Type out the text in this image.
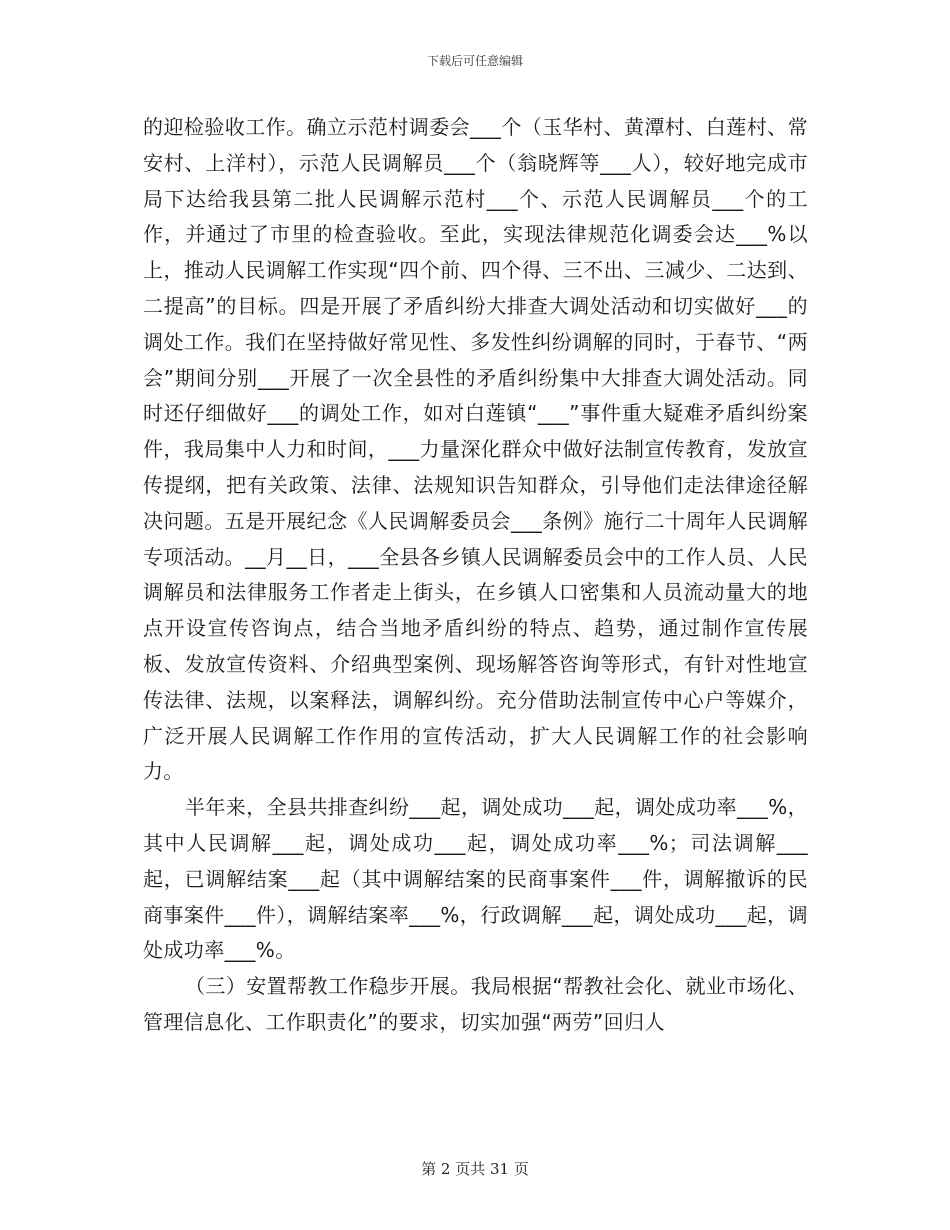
下载后可任意编辑

的迎检验收工作。确立示范村调委会___个（玉华村、黄潭村、白莲村、常安村、上洋村），示范人民调解员___个（翁晓辉等___人），较好地完成市局下达给我县第二批人民调解示范村___个、示范人民调解员___个的工作，并通过了市里的检查验收。至此，实现法律规范化调委会达___%以上，推动人民调解工作实现“四个前、四个得、三不出、三减少、二达到、二提高”的目标。四是开展了矛盾纠纷大排查大调处活动和切实做好___的调处工作。我们在坚持做好常见性、多发性纠纷调解的同时，于春节、“两会”期间分别___开展了一次全县性的矛盾纠纷集中大排查大调处活动。同时还仔细做好___的调处工作，如对白莲镇“___”事件重大疑难矛盾纠纷案件，我局集中人力和时间，___力量深化群众中做好法制宣传教育，发放宣传提纲，把有关政策、法律、法规知识告知群众，引导他们走法律途径解决问题。五是开展纪念《人民调解委员会___条例》施行二十周年人民调解专项活动。__月__日，___全县各乡镇人民调解委员会中的工作人员、人民调解员和法律服务工作者走上街头，在乡镇人口密集和人员流动量大的地点开设宣传咨询点，结合当地矛盾纠纷的特点、趋势，通过制作宣传展板、发放宣传资料、介绍典型案例、现场解答咨询等形式，有针对性地宣传法律、法规，以案释法，调解纠纷。充分借助法制宣传中心户等媒介，广泛开展人民调解工作作用的宣传活动，扩大人民调解工作的社会影响力。

半年来，全县共排查纠纷___起，调处成功___起，调处成功率___%，其中人民调解___起，调处成功___起，调处成功率___%；司法调解___起，已调解结案___起（其中调解结案的民商事案件___件，调解撤诉的民商事案件___件），调解结案率___%，行政调解___起，调处成功___起，调处成功率___%。

（三）安置帮教工作稳步开展。我局根据“帮教社会化、就业市场化、管理信息化、工作职责化”的要求，切实加强“两劳”回归人

第 2 页共 31 页
